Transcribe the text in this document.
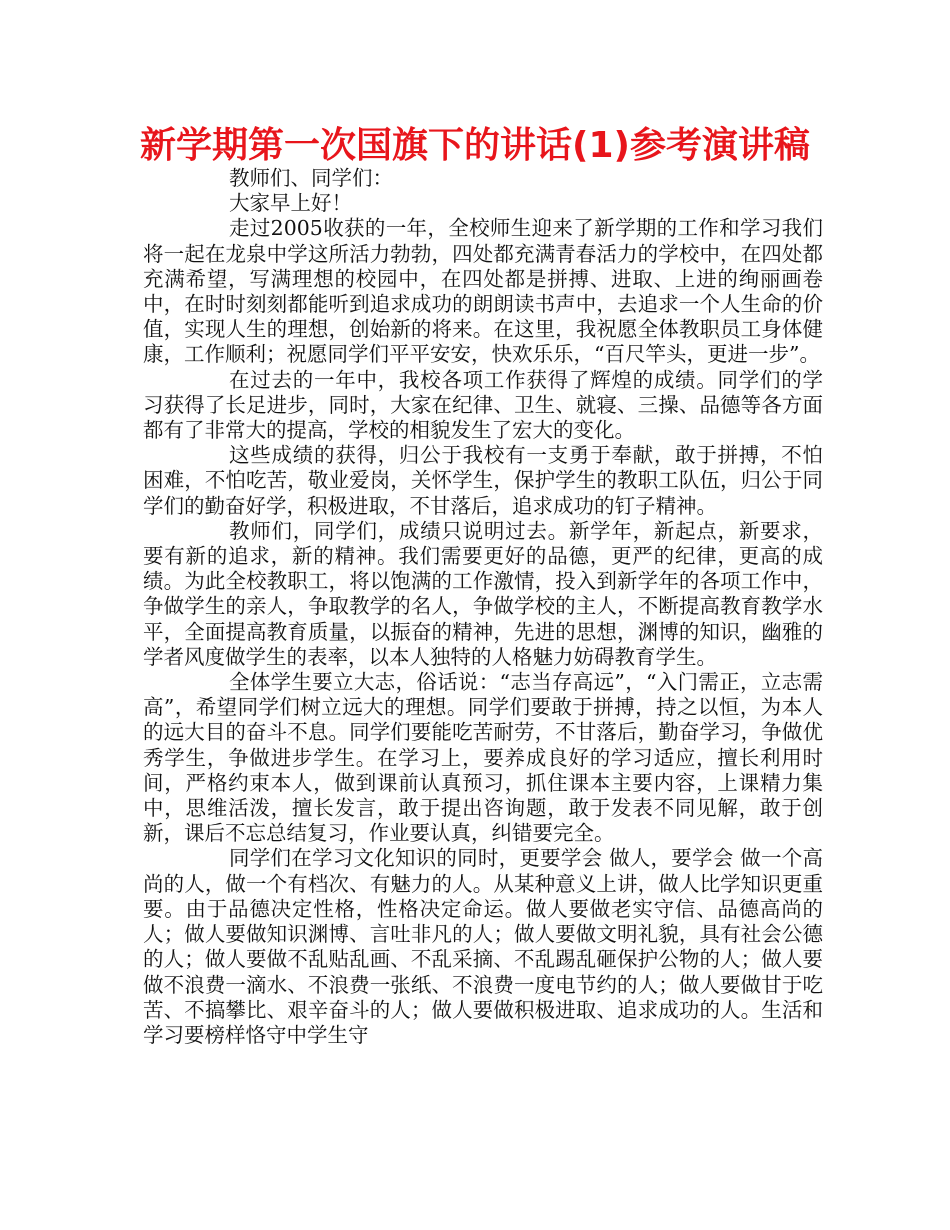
新学期第一次国旗下的讲话(1)参考演讲稿

教师们、同学们：

大家早上好！

走过2005收获的一年，全校师生迎来了新学期的工作和学习我们将一起在龙泉中学这所活力勃勃，四处都充满青春活力的学校中，在四处都充满希望，写满理想的校园中，在四处都是拼搏、进取、上进的绚丽画卷中，在时时刻刻都能听到追求成功的朗朗读书声中，去追求一个人生命的价值，实现人生的理想，创始新的将来。在这里，我祝愿全体教职员工身体健康，工作顺利；祝愿同学们平平安安，快欢乐乐，“百尺竿头，更进一步”。

在过去的一年中，我校各项工作获得了辉煌的成绩。同学们的学习获得了长足进步，同时，大家在纪律、卫生、就寝、三操、品德等各方面都有了非常大的提高，学校的相貌发生了宏大的变化。

这些成绩的获得，归公于我校有一支勇于奉献，敢于拼搏，不怕困难，不怕吃苦，敬业爱岗，关怀学生，保护学生的教职工队伍，归公于同学们的勤奋好学，积极进取，不甘落后，追求成功的钉子精神。

教师们，同学们，成绩只说明过去。新学年，新起点，新要求，要有新的追求，新的精神。我们需要更好的品德，更严的纪律，更高的成绩。为此全校教职工，将以饱满的工作激情，投入到新学年的各项工作中，争做学生的亲人，争取教学的名人，争做学校的主人，不断提高教育教学水平，全面提高教育质量，以振奋的精神，先进的思想，渊博的知识，幽雅的学者风度做学生的表率，以本人独特的人格魅力妨碍教育学生。

全体学生要立大志，俗话说：“志当存高远”，“入门需正，立志需高”，希望同学们树立远大的理想。同学们要敢于拼搏，持之以恒，为本人的远大目的奋斗不息。同学们要能吃苦耐劳，不甘落后，勤奋学习，争做优秀学生，争做进步学生。在学习上，要养成良好的学习适应，擅长利用时间，严格约束本人，做到课前认真预习，抓住课本主要内容，上课精力集中，思维活泼，擅长发言，敢于提出咨询题，敢于发表不同见解，敢于创新，课后不忘总结复习，作业要认真，纠错要完全。

同学们在学习文化知识的同时，更要学会 做人，要学会 做一个高尚的人，做一个有档次、有魅力的人。从某种意义上讲，做人比学知识更重要。由于品德决定性格，性格决定命运。做人要做老实守信、品德高尚的人；做人要做知识渊博、言吐非凡的人；做人要做文明礼貌，具有社会公德的人；做人要做不乱贴乱画、不乱采摘、不乱踢乱砸保护公物的人；做人要做不浪费一滴水、不浪费一张纸、不浪费一度电节约的人；做人要做甘于吃苦、不搞攀比、艰辛奋斗的人；做人要做积极进取、追求成功的人。生活和学习要榜样恪守中学生守
